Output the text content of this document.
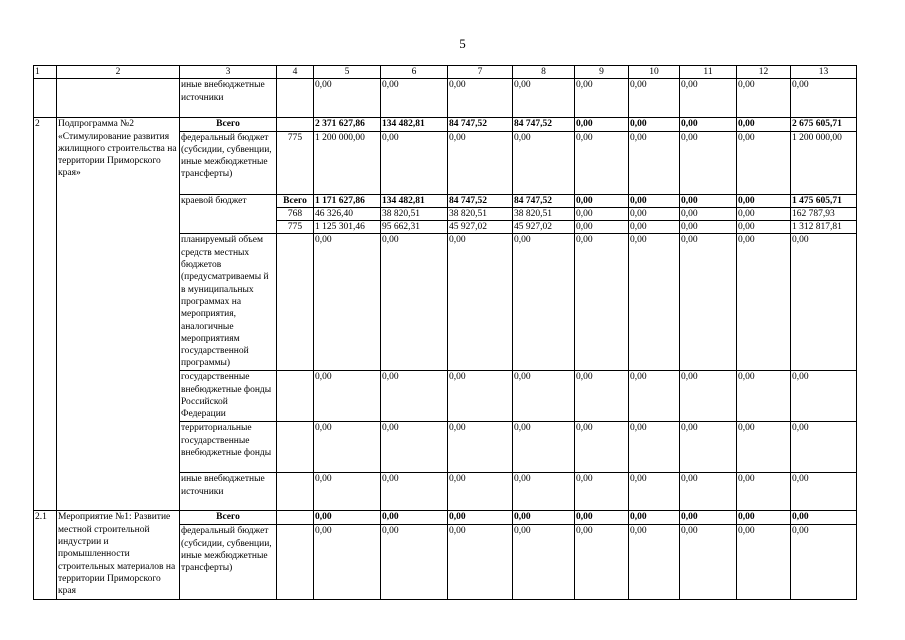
5
1	2	3	4	5	6	7	8	9	10	11	12	13
		иные внебюджетные источники		0,00	0,00	0,00	0,00	0,00	0,00	0,00	0,00	0,00
2	Подпрограмма №2 «Стимулирование развития жилищного строительства на территории Приморского края»	Всего		2 371 627,86	134 482,81	84 747,52	84 747,52	0,00	0,00	0,00	0,00	2 675 605,71
		федеральный бюджет (субсидии, субвенции, иные межбюджетные трансферты)	775	1 200 000,00	0,00	0,00	0,00	0,00	0,00	0,00	0,00	1 200 000,00
		краевой бюджет	Всего	1 171 627,86	134 482,81	84 747,52	84 747,52	0,00	0,00	0,00	0,00	1 475 605,71
			768	46 326,40	38 820,51	38 820,51	38 820,51	0,00	0,00	0,00	0,00	162 787,93
			775	1 125 301,46	95 662,31	45 927,02	45 927,02	0,00	0,00	0,00	0,00	1 312 817,81
		планируемый объем средств местных бюджетов (предусматриваемы й в муниципальных программах на мероприятия, аналогичные мероприятиям государственной программы)		0,00	0,00	0,00	0,00	0,00	0,00	0,00	0,00	0,00
		государственные внебюджетные фонды Российской Федерации		0,00	0,00	0,00	0,00	0,00	0,00	0,00	0,00	0,00
		территориальные государственные внебюджетные фонды		0,00	0,00	0,00	0,00	0,00	0,00	0,00	0,00	0,00
		иные внебюджетные источники		0,00	0,00	0,00	0,00	0,00	0,00	0,00	0,00	0,00
2.1	Мероприятие №1: Развитие местной строительной индустрии и промышленности строительных материалов на территории Приморского края	Всего		0,00	0,00	0,00	0,00	0,00	0,00	0,00	0,00	0,00
		федеральный бюджет (субсидии, субвенции, иные межбюджетные трансферты)		0,00	0,00	0,00	0,00	0,00	0,00	0,00	0,00	0,00
